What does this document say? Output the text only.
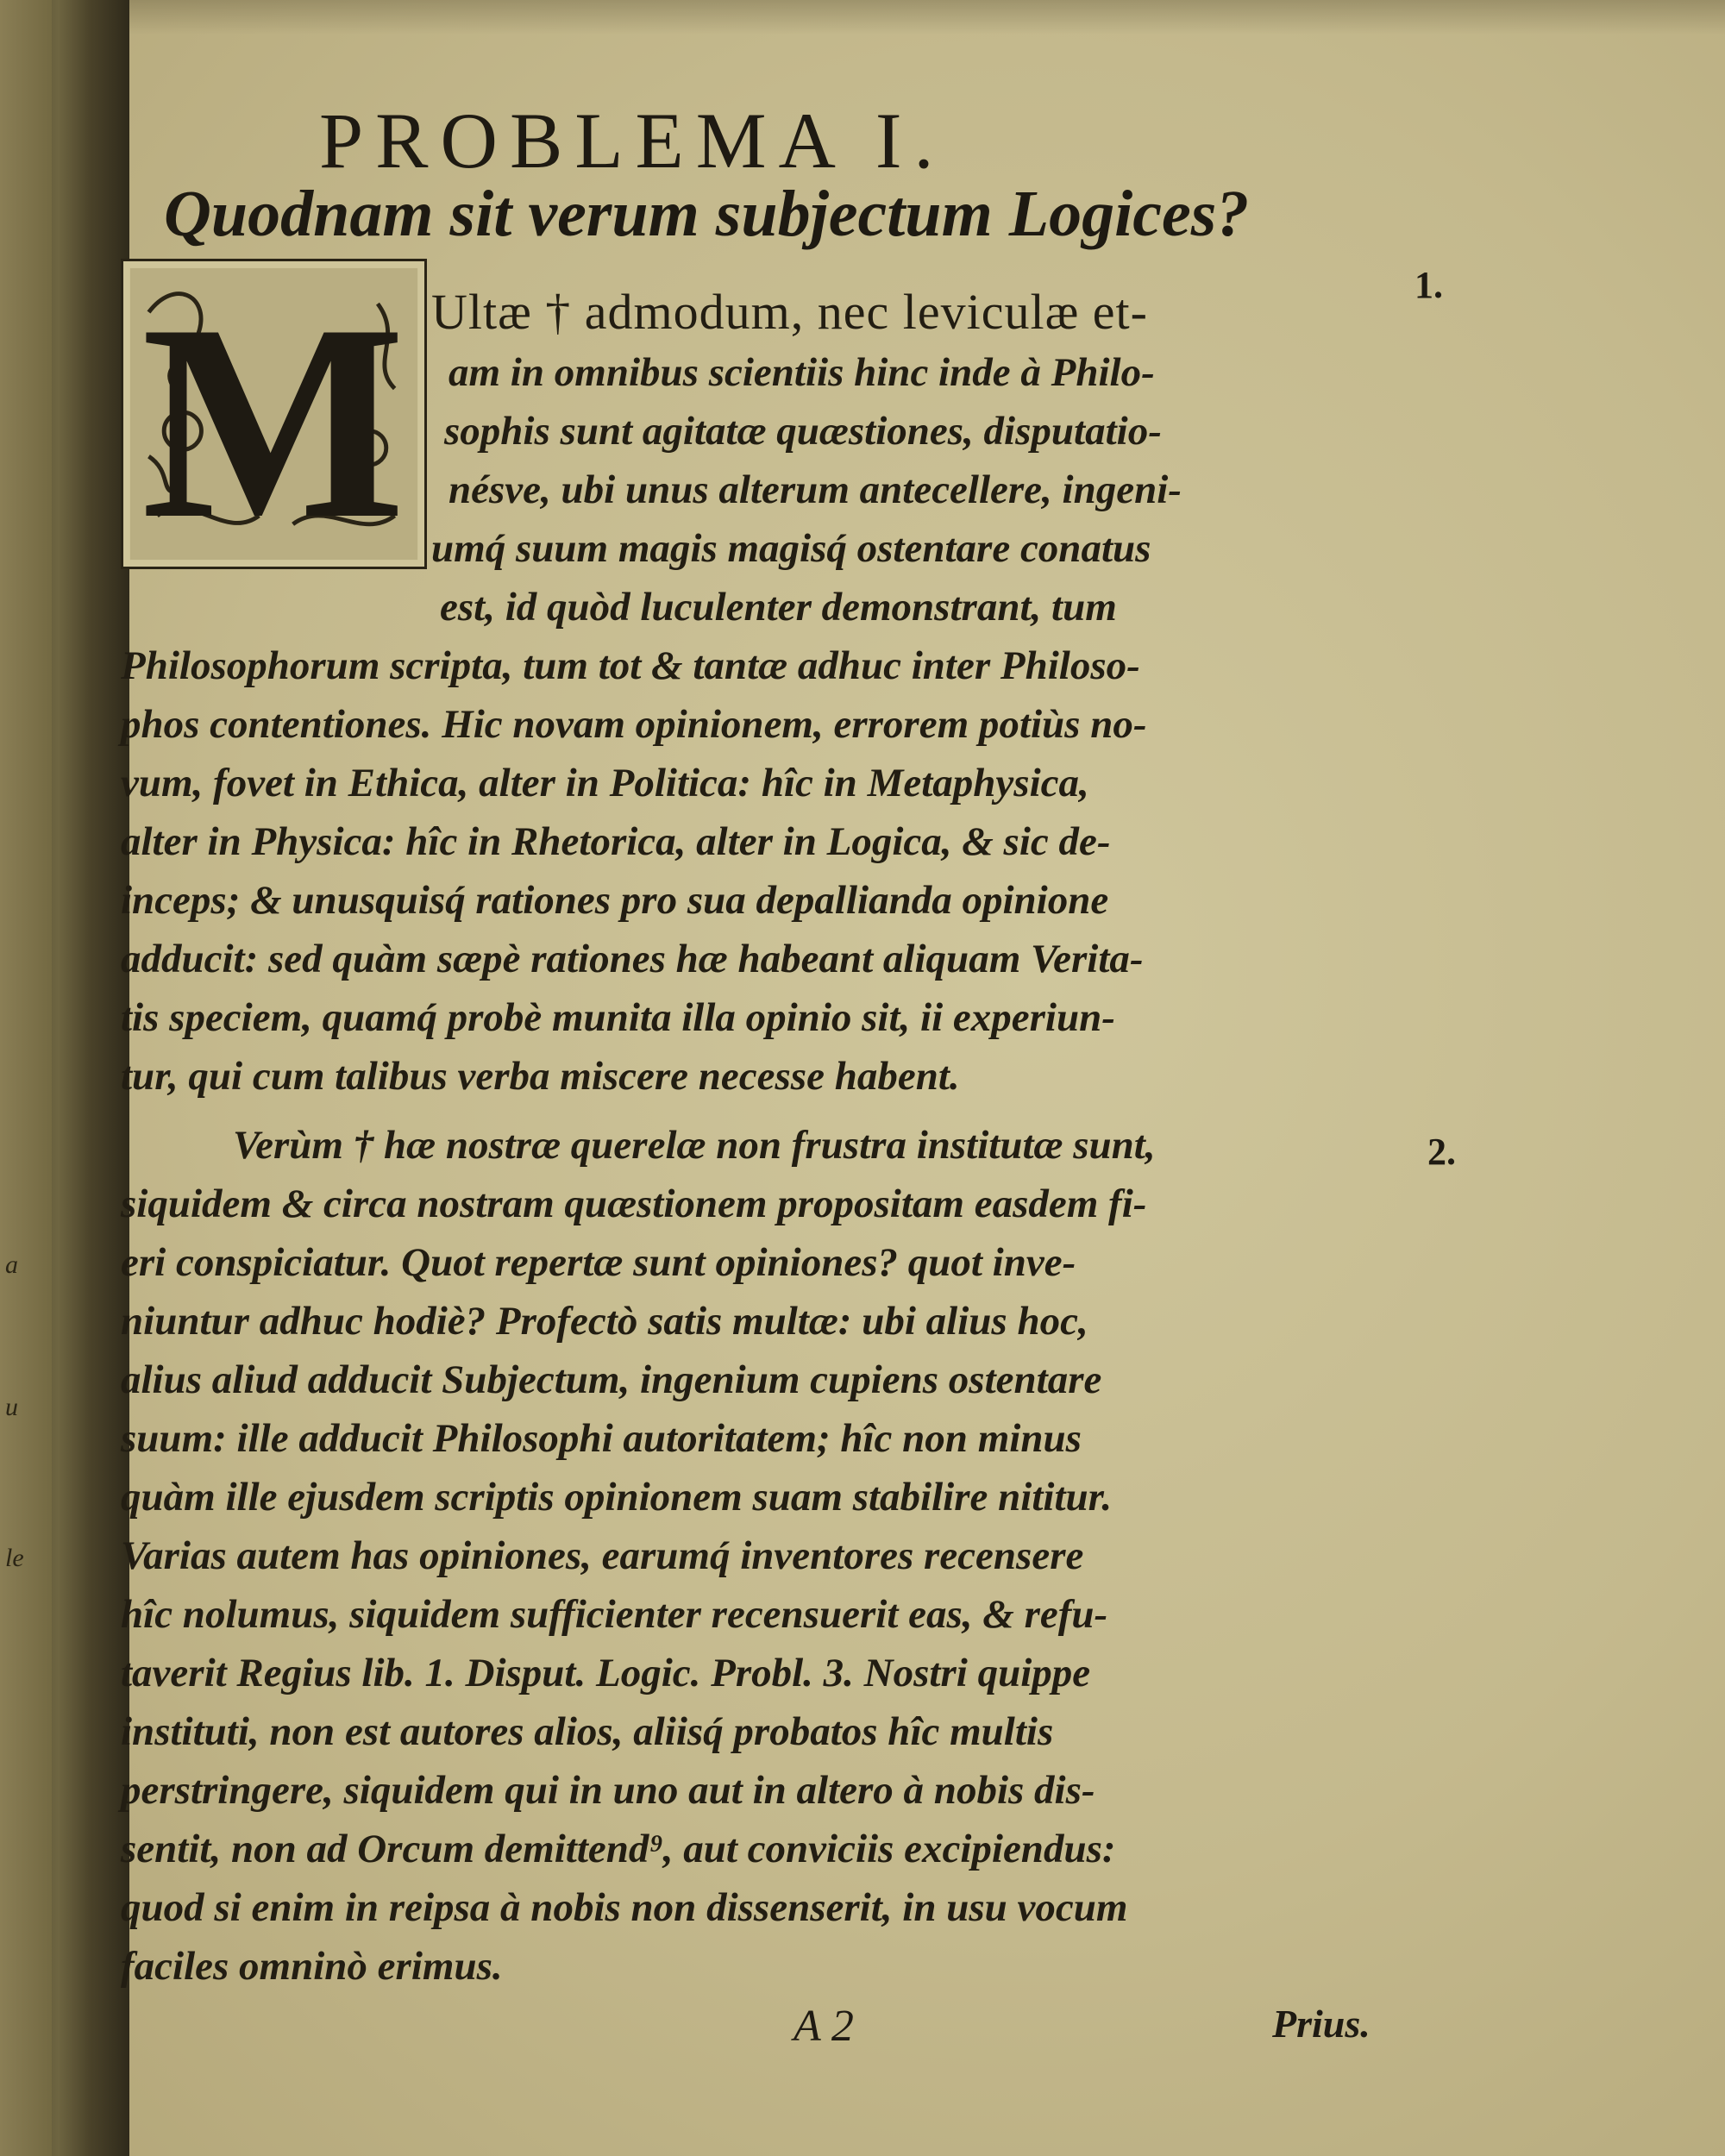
a
u
le
PROBLEMA I.
Quodnam sit verum subjectum Logices?
M	1.
2.
Ultæ † admodum, nec leviculæ et-
am in omnibus scientiis hinc inde à Philo-
sophis sunt agitatæ quæstiones, disputatio-
nésve, ubi unus alterum antecellere, ingeni-
umq́ suum magis magisq́ ostentare conatus
est, id quòd luculenter demonstrant, tum
Philosophorum scripta, tum tot & tantæ adhuc inter Philoso-
phos contentiones. Hic novam opinionem, errorem potiùs no-
vum, fovet in Ethica, alter in Politica: hîc in Metaphysica,
alter in Physica: hîc in Rhetorica, alter in Logica, & sic de-
inceps; & unusquisq́ rationes pro sua depallianda opinione
adducit: sed quàm sæpè rationes hæ habeant aliquam Verita-
tis speciem, quamq́ probè munita illa opinio sit, ii experiun-
tur, qui cum talibus verba miscere necesse habent.
Verùm † hæ nostræ querelæ non frustra institutæ sunt,
siquidem & circa nostram quæstionem propositam easdem fi-
eri conspiciatur. Quot repertæ sunt opiniones? quot inve-
niuntur adhuc hodiè? Profectò satis multæ: ubi alius hoc,
alius aliud adducit Subjectum, ingenium cupiens ostentare
suum: ille adducit Philosophi autoritatem; hîc non minus
quàm ille ejusdem scriptis opinionem suam stabilire nititur.
Varias autem has opiniones, earumq́ inventores recensere
hîc nolumus, siquidem sufficienter recensuerit eas, & refu-
taverit Regius lib. 1. Disput. Logic. Probl. 3. Nostri quippe
instituti, non est autores alios, aliisq́ probatos hîc multis
perstringere, siquidem qui in uno aut in altero à nobis dis-
sentit, non ad Orcum demittend⁹, aut conviciis excipiendus:
quod si enim in reipsa à nobis non dissenserit, in usu vocum
faciles omninò erimus.
A 2	Prius.
